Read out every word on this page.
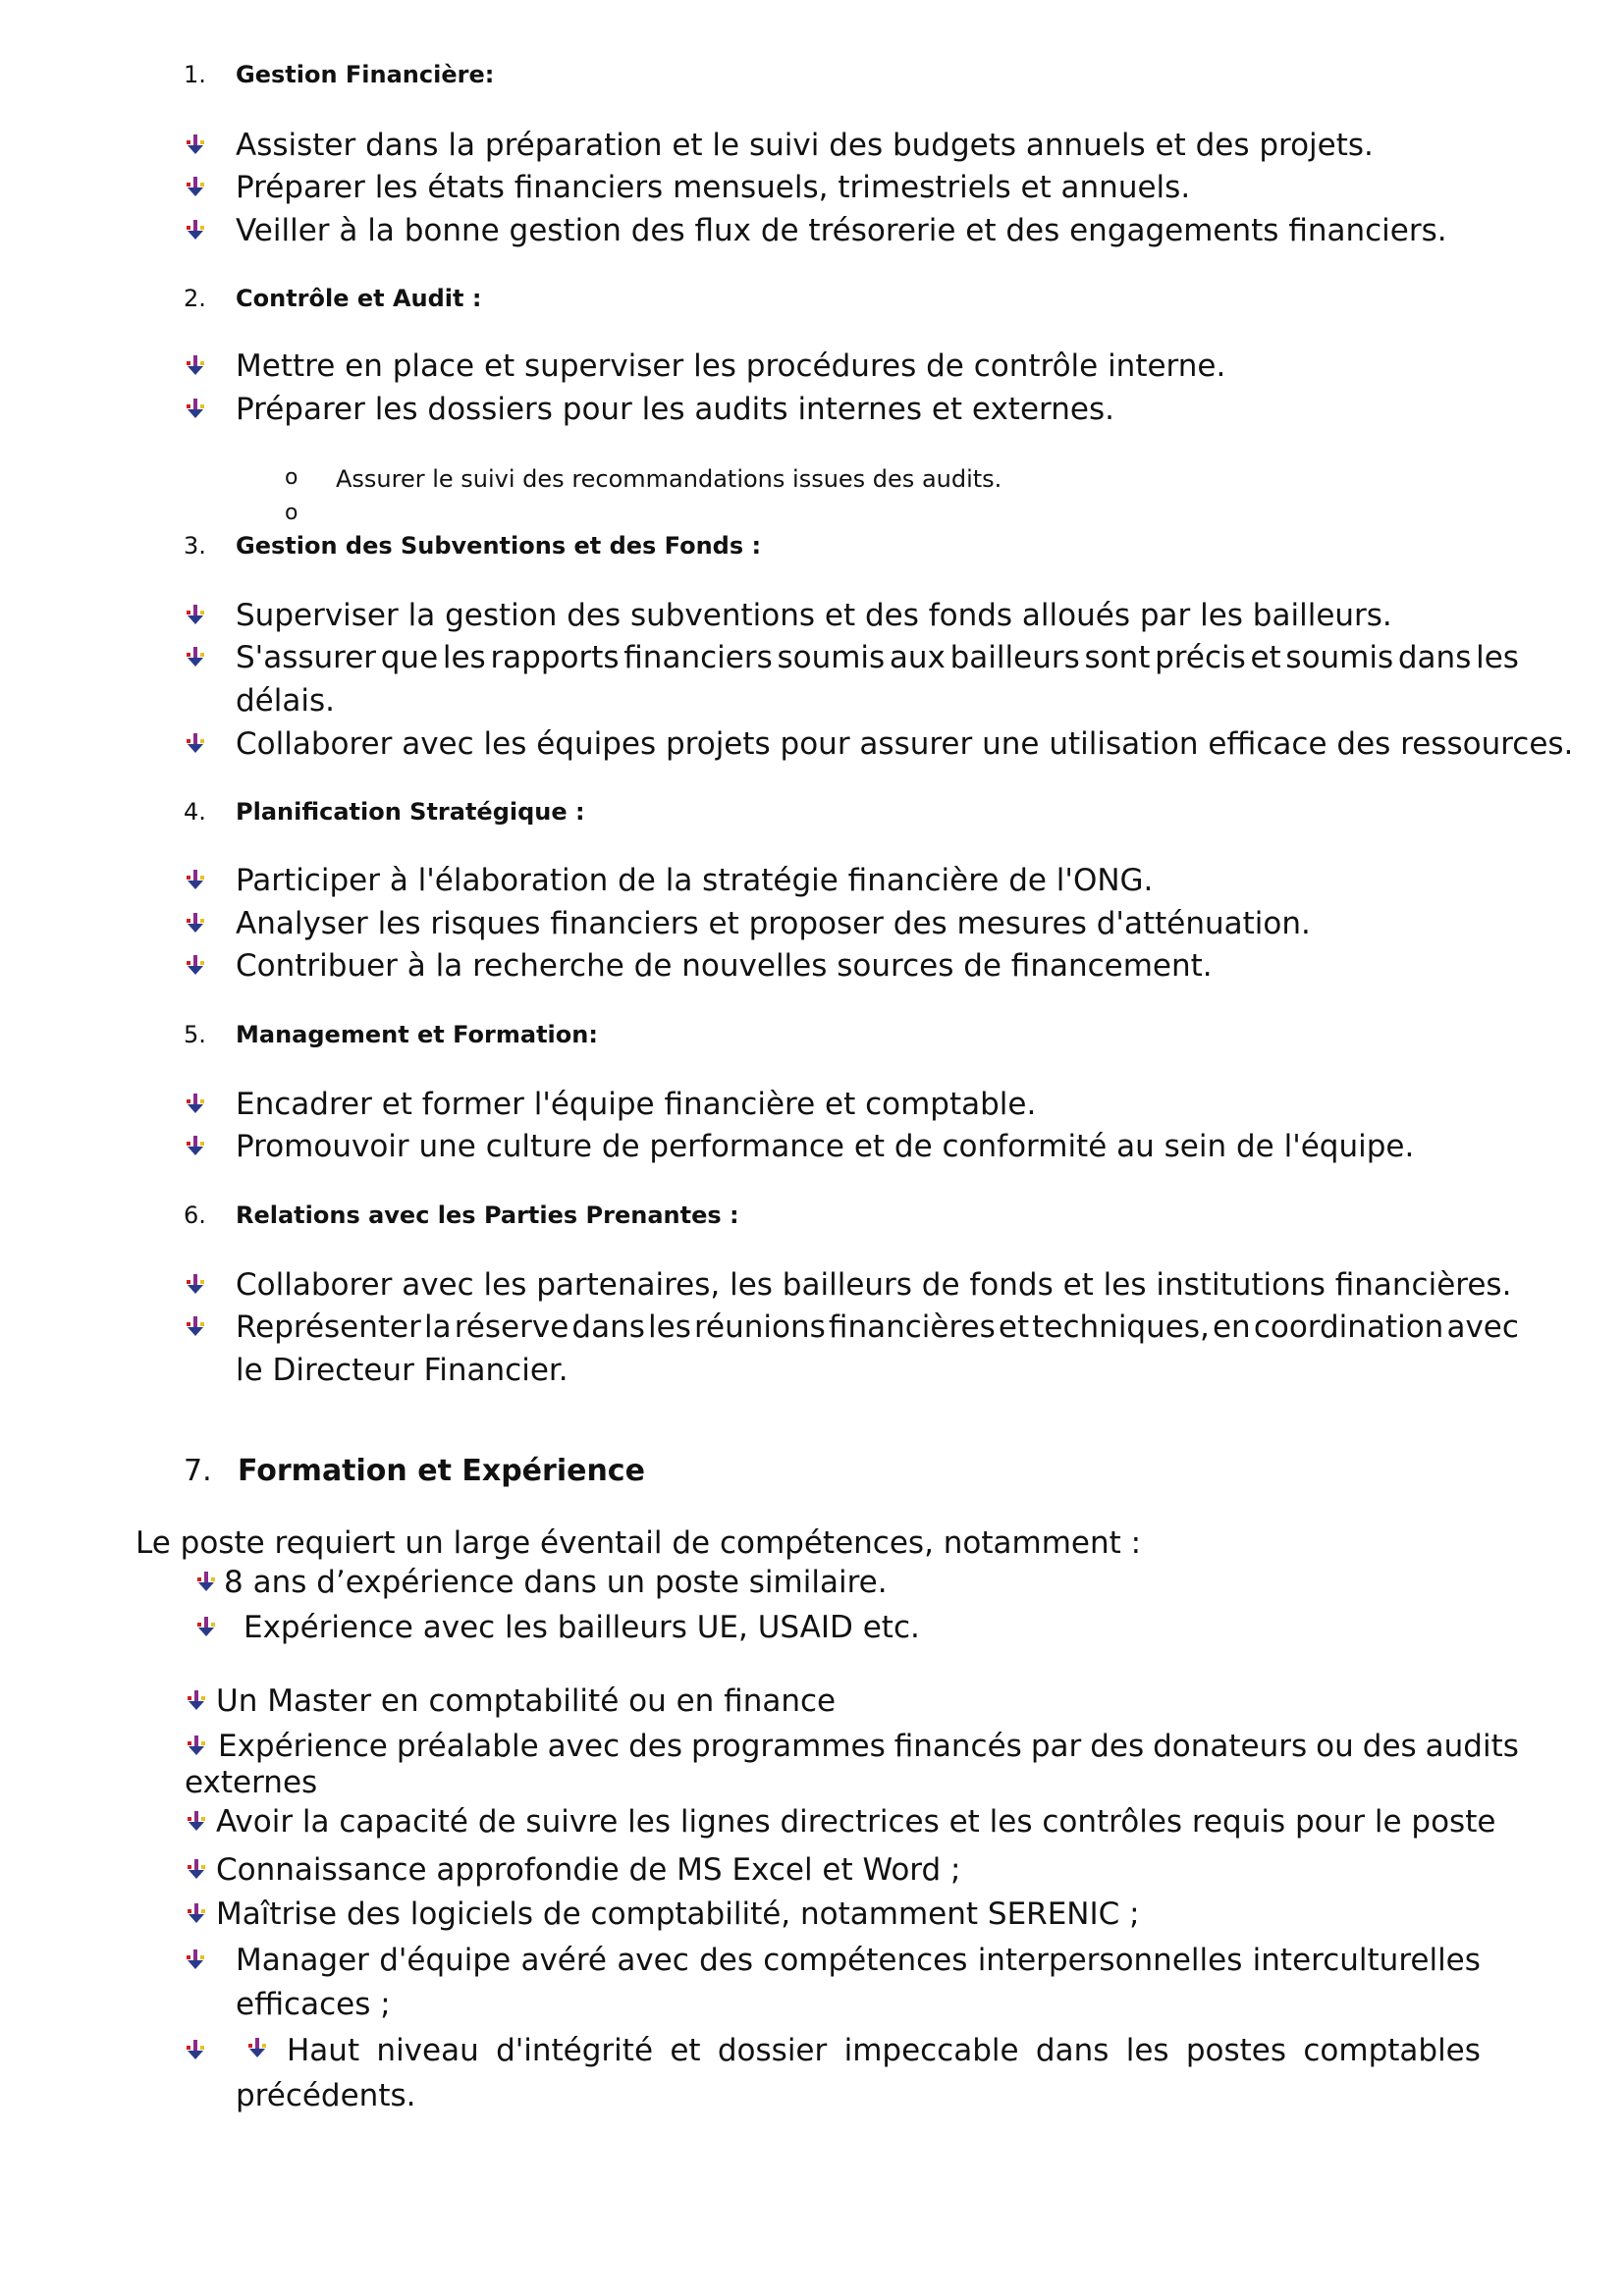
1. Gestion Financière:
Assister dans la préparation et le suivi des budgets annuels et des projets.
Préparer les états financiers mensuels, trimestriels et annuels.
Veiller à la bonne gestion des flux de trésorerie et des engagements financiers.
2. Contrôle et Audit :
Mettre en place et superviser les procédures de contrôle interne.
Préparer les dossiers pour les audits internes et externes.
o Assurer le suivi des recommandations issues des audits.
o
3. Gestion des Subventions et des Fonds :
Superviser la gestion des subventions et des fonds alloués par les bailleurs.
S'assurer que les rapports financiers soumis aux bailleurs sont précis et soumis dans les
délais.
Collaborer avec les équipes projets pour assurer une utilisation efficace des ressources.
4. Planification Stratégique :
Participer à l'élaboration de la stratégie financière de l'ONG.
Analyser les risques financiers et proposer des mesures d'atténuation.
Contribuer à la recherche de nouvelles sources de financement.
5. Management et Formation:
Encadrer et former l'équipe financière et comptable.
Promouvoir une culture de performance et de conformité au sein de l'équipe.
6. Relations avec les Parties Prenantes :
Collaborer avec les partenaires, les bailleurs de fonds et les institutions financières.
Représenter la réserve dans les réunions financières et techniques, en coordination avec
le Directeur Financier.
7. Formation et Expérience
Le poste requiert un large éventail de compétences, notamment :
8 ans d’expérience dans un poste similaire.
Expérience avec les bailleurs UE, USAID etc.
Un Master en comptabilité ou en finance
Expérience préalable avec des programmes financés par des donateurs ou des audits
externes
Avoir la capacité de suivre les lignes directrices et les contrôles requis pour le poste
Connaissance approfondie de MS Excel et Word ;
Maîtrise des logiciels de comptabilité, notamment SERENIC ;
Manager d'équipe avéré avec des compétences interpersonnelles interculturelles
efficaces ;
Haut niveau d'intégrité et dossier impeccable dans les postes comptables
précédents.
